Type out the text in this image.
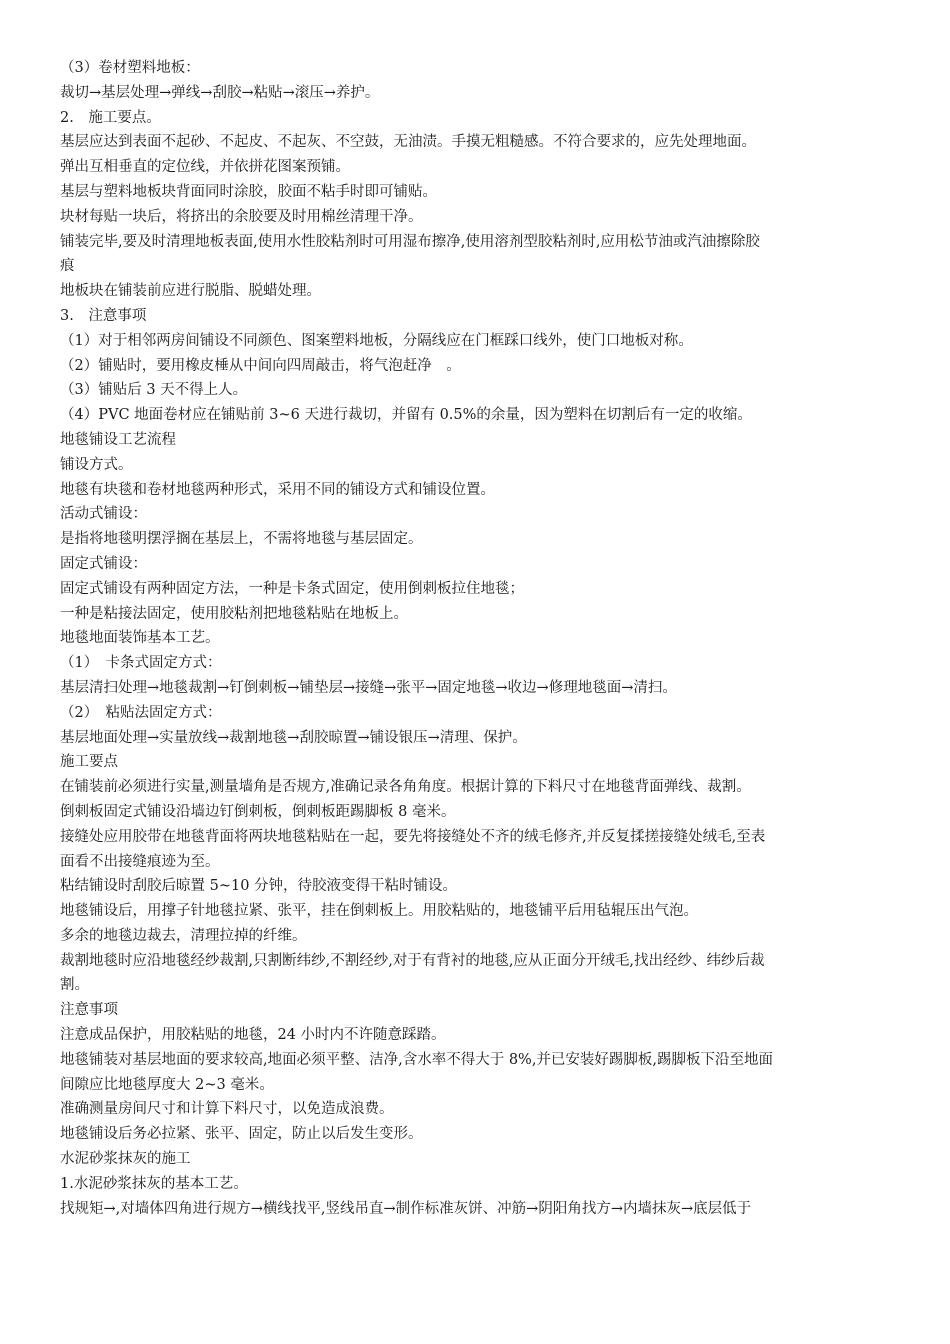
（3）卷材塑料地板：

裁切→基层处理→弹线→刮胶→粘贴→滚压→养护。

2.　施工要点。

基层应达到表面不起砂、不起皮、不起灰、不空鼓，无油渍。手摸无粗糙感。不符合要求的，应先处理地面。

弹出互相垂直的定位线，并依拼花图案预铺。

基层与塑料地板块背面同时涂胶，胶面不粘手时即可铺贴。

块材每贴一块后，将挤出的余胶要及时用棉丝清理干净。

铺装完毕,要及时清理地板表面,使用水性胶粘剂时可用湿布擦净,使用溶剂型胶粘剂时,应用松节油或汽油擦除胶

痕

地板块在铺装前应进行脱脂、脱蜡处理。

3.　注意事项

（1）对于相邻两房间铺设不同颜色、图案塑料地板，分隔线应在门框踩口线外，使门口地板对称。

（2）铺贴时，要用橡皮棰从中间向四周敲击，将气泡赶净　。

（3）铺贴后 3 天不得上人。

（4）PVC 地面卷材应在铺贴前 3~6 天进行裁切，并留有 0.5%的余量，因为塑料在切割后有一定的收缩。

地毯铺设工艺流程

铺设方式。

地毯有块毯和卷材地毯两种形式，采用不同的铺设方式和铺设位置。

活动式铺设：

是指将地毯明摆浮搁在基层上，不需将地毯与基层固定。

固定式铺设：

固定式铺设有两种固定方法，一种是卡条式固定，使用倒刺板拉住地毯；

一种是粘接法固定，使用胶粘剂把地毯粘贴在地板上。

地毯地面装饰基本工艺。

（1）　卡条式固定方式：

基层清扫处理→地毯裁割→钉倒刺板→铺垫层→接缝→张平→固定地毯→收边→修理地毯面→清扫。

（2）　粘贴法固定方式：

基层地面处理→实量放线→裁割地毯→刮胶晾置→铺设银压→清理、保护。

施工要点

在铺装前必须进行实量,测量墙角是否规方,准确记录各角角度。根据计算的下料尺寸在地毯背面弹线、裁割。

倒刺板固定式铺设沿墙边钉倒刺板，倒刺板距踢脚板 8 毫米。

接缝处应用胶带在地毯背面将两块地毯粘贴在一起，要先将接缝处不齐的绒毛修齐,并反复揉搓接缝处绒毛,至表

面看不出接缝痕迹为至。

粘结铺设时刮胶后晾置 5~10 分钟，待胶液变得干粘时铺设。

地毯铺设后，用撑子针地毯拉紧、张平，挂在倒刺板上。用胶粘贴的，地毯铺平后用毡辊压出气泡。

多余的地毯边裁去，清理拉掉的纤维。

裁割地毯时应沿地毯经纱裁割,只割断纬纱,不割经纱,对于有背衬的地毯,应从正面分开绒毛,找出经纱、纬纱后裁

割。

注意事项

注意成品保护，用胶粘贴的地毯，24 小时内不许随意踩踏。

地毯铺装对基层地面的要求较高,地面必须平整、洁净,含水率不得大于 8%,并已安装好踢脚板,踢脚板下沿至地面

间隙应比地毯厚度大 2~3 毫米。

准确测量房间尺寸和计算下料尺寸，以免造成浪费。

地毯铺设后务必拉紧、张平、固定，防止以后发生变形。

水泥砂浆抹灰的施工

1.水泥砂浆抹灰的基本工艺。

找规矩→,对墙体四角进行规方→横线找平,竖线吊直→制作标准灰饼、冲筋→阴阳角找方→内墙抹灰→底层低于
